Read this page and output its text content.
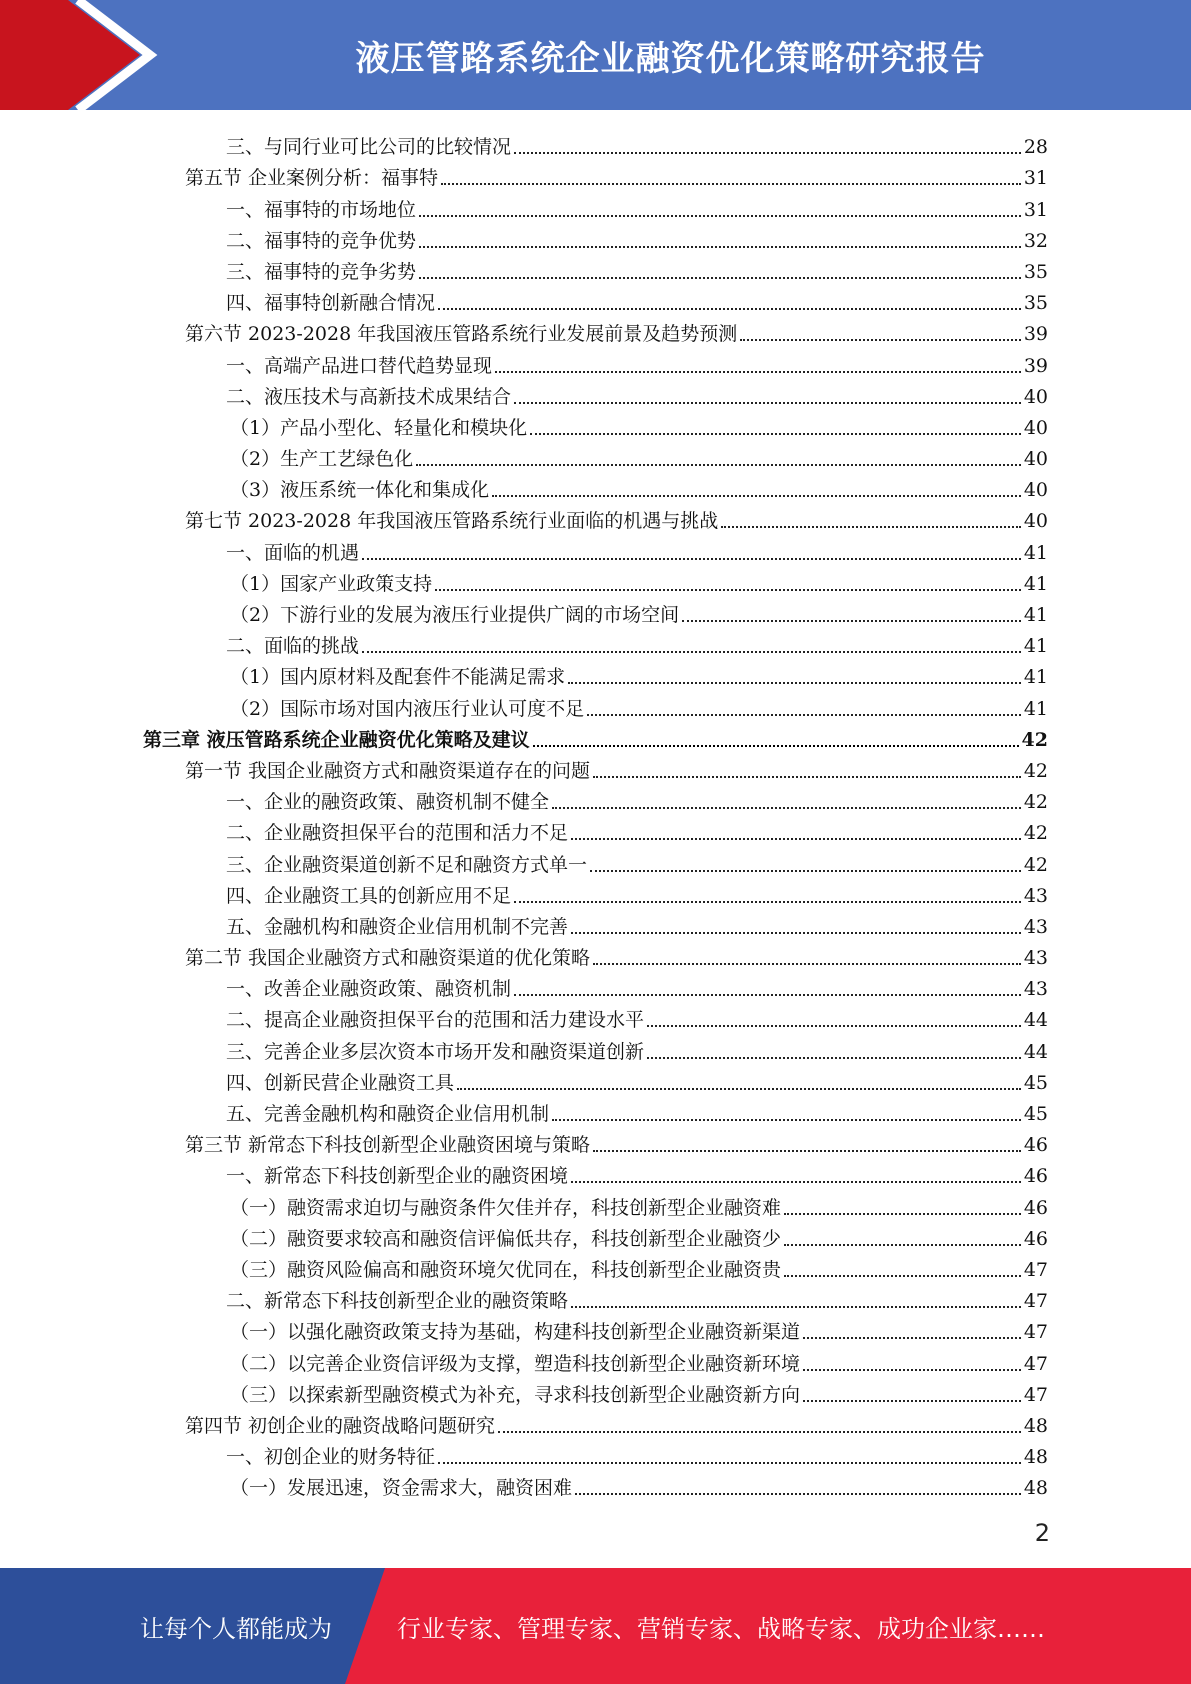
液压管路系统企业融资优化策略研究报告
三、与同行业可比公司的比较情况	28
第五节 企业案例分析：福事特	31
一、福事特的市场地位	31
二、福事特的竞争优势	32
三、福事特的竞争劣势	35
四、福事特创新融合情况	35
第六节 2023-2028 年我国液压管路系统行业发展前景及趋势预测	39
一、高端产品进口替代趋势显现	39
二、液压技术与高新技术成果结合	40
（1）产品小型化、轻量化和模块化	40
（2）生产工艺绿色化	40
（3）液压系统一体化和集成化	40
第七节 2023-2028 年我国液压管路系统行业面临的机遇与挑战	40
一、面临的机遇	41
（1）国家产业政策支持	41
（2）下游行业的发展为液压行业提供广阔的市场空间	41
二、面临的挑战	41
（1）国内原材料及配套件不能满足需求	41
（2）国际市场对国内液压行业认可度不足	41
第三章 液压管路系统企业融资优化策略及建议	42
第一节 我国企业融资方式和融资渠道存在的问题	42
一、企业的融资政策、融资机制不健全	42
二、企业融资担保平台的范围和活力不足	42
三、企业融资渠道创新不足和融资方式单一	42
四、企业融资工具的创新应用不足	43
五、金融机构和融资企业信用机制不完善	43
第二节 我国企业融资方式和融资渠道的优化策略	43
一、改善企业融资政策、融资机制	43
二、提高企业融资担保平台的范围和活力建设水平	44
三、完善企业多层次资本市场开发和融资渠道创新	44
四、创新民营企业融资工具	45
五、完善金融机构和融资企业信用机制	45
第三节 新常态下科技创新型企业融资困境与策略	46
一、新常态下科技创新型企业的融资困境	46
（一）融资需求迫切与融资条件欠佳并存，科技创新型企业融资难	46
（二）融资要求较高和融资信评偏低共存，科技创新型企业融资少	46
（三）融资风险偏高和融资环境欠优同在，科技创新型企业融资贵	47
二、新常态下科技创新型企业的融资策略	47
（一）以强化融资政策支持为基础，构建科技创新型企业融资新渠道	47
（二）以完善企业资信评级为支撑，塑造科技创新型企业融资新环境	47
（三）以探索新型融资模式为补充，寻求科技创新型企业融资新方向	47
第四节 初创企业的融资战略问题研究	48
一、初创企业的财务特征	48
（一）发展迅速，资金需求大，融资困难	48
2
让每个人都能成为	行业专家、管理专家、营销专家、战略专家、成功企业家……
